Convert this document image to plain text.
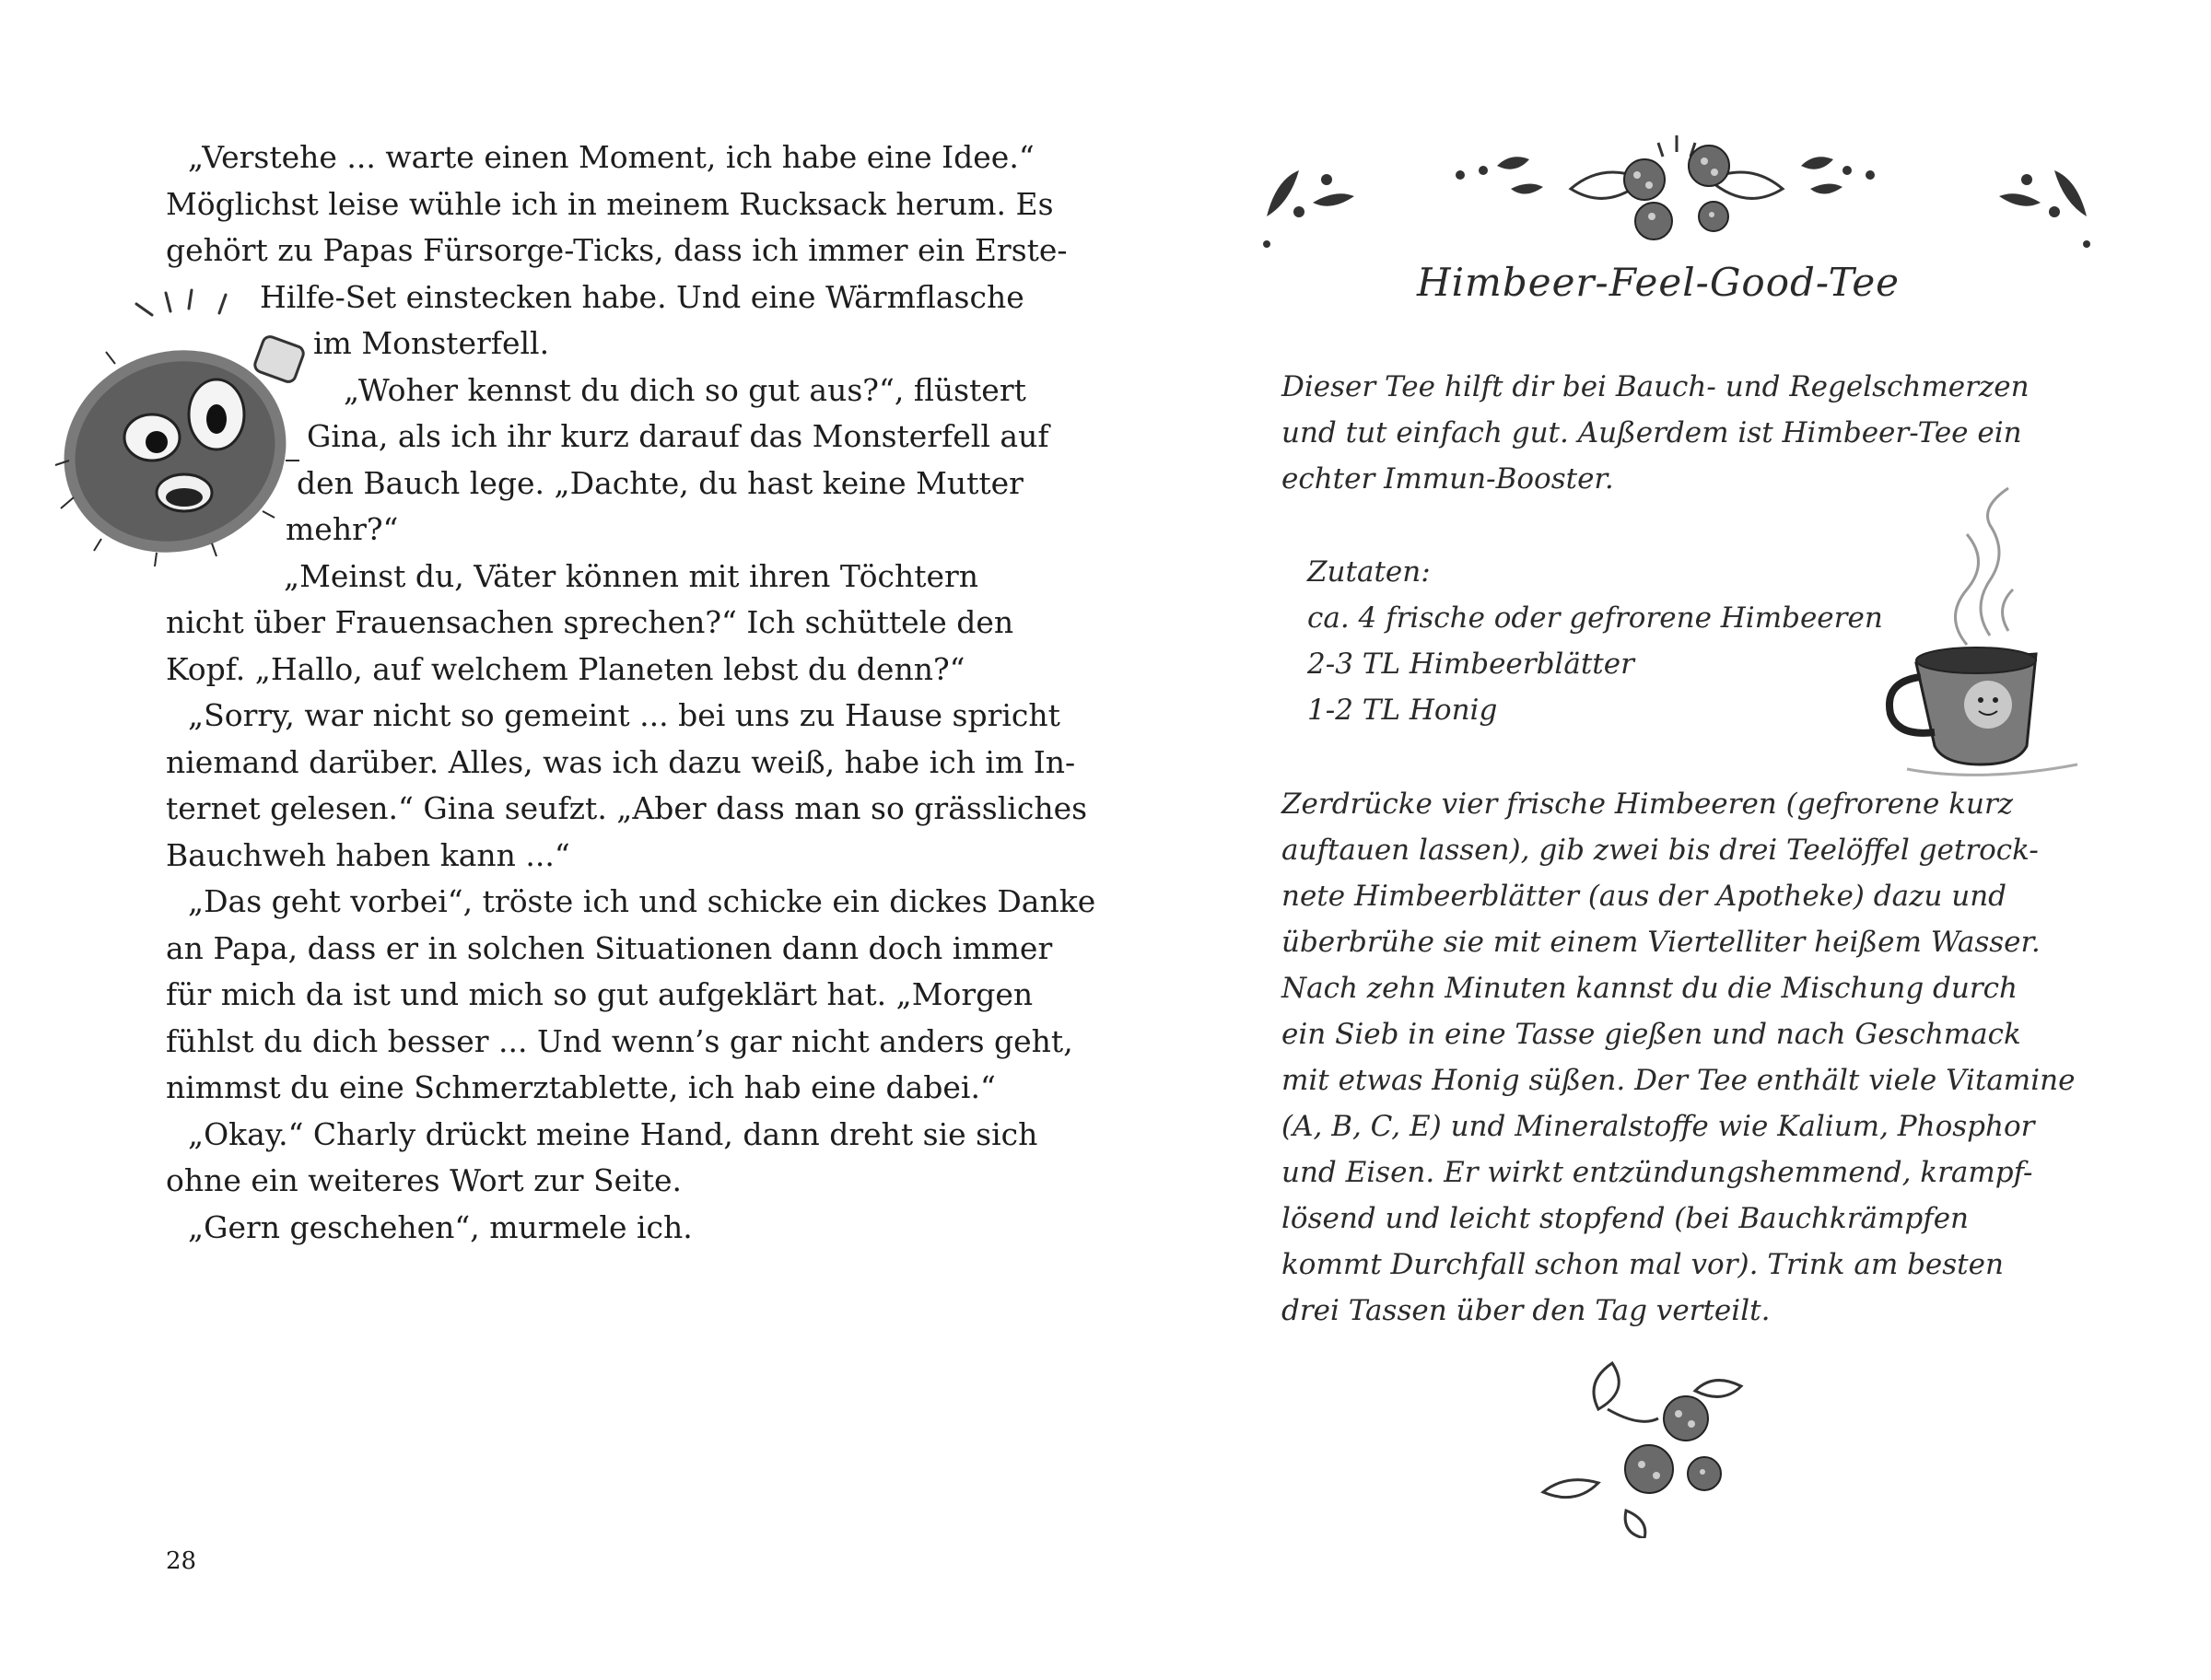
„Verstehe ... warte einen Moment, ich habe eine Idee.“
Möglichst leise wühle ich in meinem Rucksack herum. Es
gehört zu Papas Fürsorge-Ticks, dass ich immer ein Erste-
Hilfe-Set einstecken habe. Und eine Wärmflasche
im Monsterfell.
„Woher kennst du dich so gut aus?“, flüstert
Gina, als ich ihr kurz darauf das Monsterfell auf
den Bauch lege. „Dachte, du hast keine Mutter
mehr?“
„Meinst du, Väter können mit ihren Töchtern
nicht über Frauensachen sprechen?“ Ich schüttele den
Kopf. „Hallo, auf welchem Planeten lebst du denn?“
„Sorry, war nicht so gemeint ... bei uns zu Hause spricht
niemand darüber. Alles, was ich dazu weiß, habe ich im In-
ternet gelesen.“ Gina seufzt. „Aber dass man so grässliches
Bauchweh haben kann ...“
„Das geht vorbei“, tröste ich und schicke ein dickes Danke
an Papa, dass er in solchen Situationen dann doch immer
für mich da ist und mich so gut aufgeklärt hat. „Morgen
fühlst du dich besser ... Und wenn’s gar nicht anders geht,
nimmst du eine Schmerztablette, ich hab eine dabei.“
„Okay.“ Charly drückt meine Hand, dann dreht sie sich
ohne ein weiteres Wort zur Seite.
„Gern geschehen“, murmele ich.
28
Himbeer-Feel-Good-Tee
Dieser Tee hilft dir bei Bauch- und Regelschmerzen
und tut einfach gut. Außerdem ist Himbeer-Tee ein
echter Immun-Booster.
Zutaten:
ca. 4 frische oder gefrorene Himbeeren
2-3 TL Himbeerblätter
1-2 TL Honig
Zerdrücke vier frische Himbeeren (gefrorene kurz
auftauen lassen), gib zwei bis drei Teelöffel getrock-
nete Himbeerblätter (aus der Apotheke) dazu und
überbrühe sie mit einem Viertelliter heißem Wasser.
Nach zehn Minuten kannst du die Mischung durch
ein Sieb in eine Tasse gießen und nach Geschmack
mit etwas Honig süßen. Der Tee enthält viele Vitamine
(A, B, C, E) und Mineralstoffe wie Kalium, Phosphor
und Eisen. Er wirkt entzündungshemmend, krampf-
lösend und leicht stopfend (bei Bauchkrämpfen
kommt Durchfall schon mal vor). Trink am besten
drei Tassen über den Tag verteilt.
